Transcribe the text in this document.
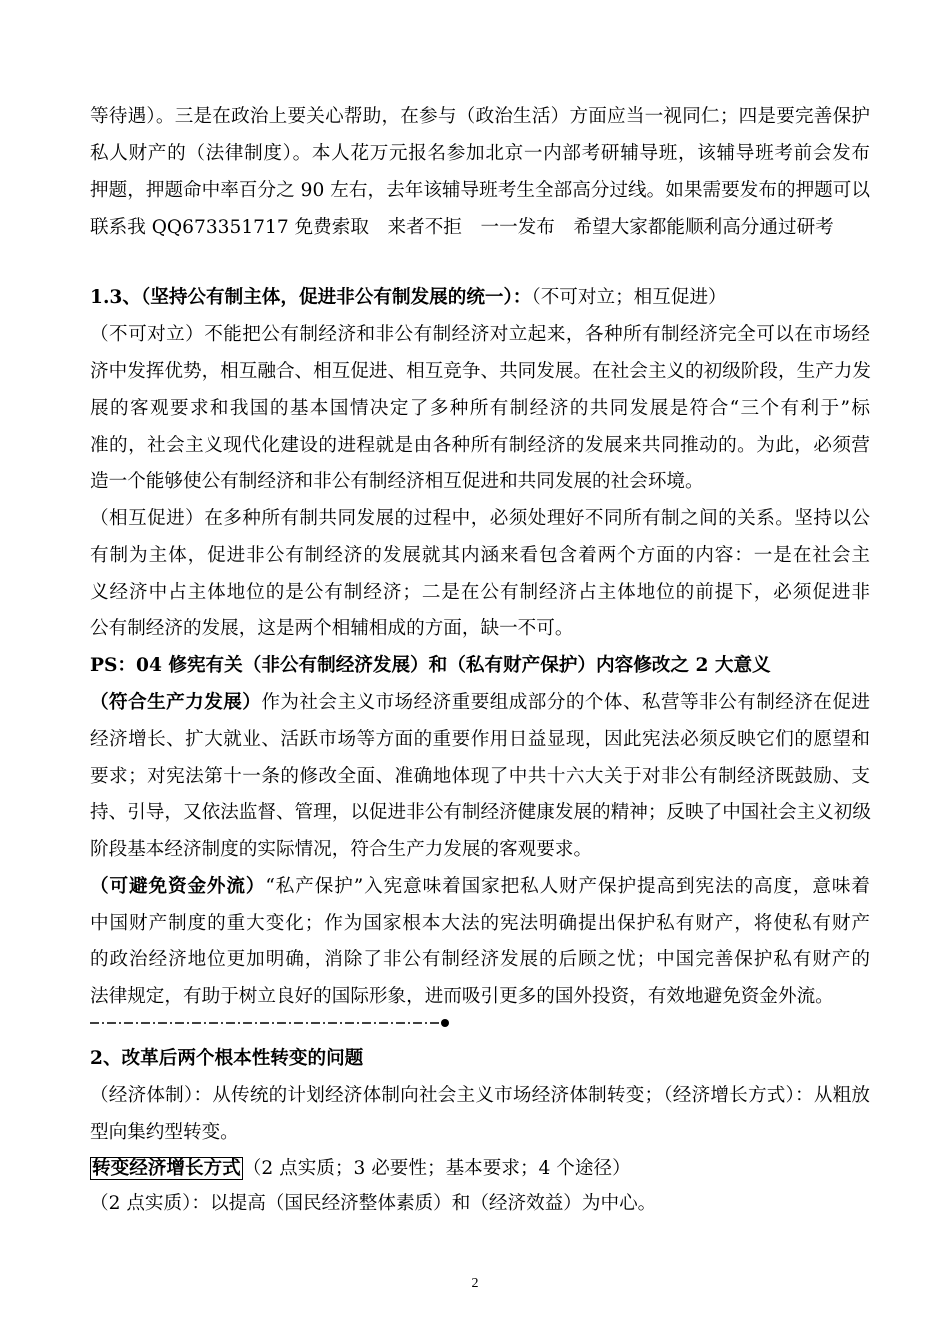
等待遇）。三是在政治上要关心帮助，在参与（政治生活）方面应当一视同仁；四是要完善保护
私人财产的（法律制度）。本人花万元报名参加北京一内部考研辅导班，该辅导班考前会发布
押题，押题命中率百分之 90 左右，去年该辅导班考生全部高分过线。如果需要发布的押题可以
联系我 QQ673351717 免费索取　来者不拒　一一发布　希望大家都能顺利高分通过研考
1.3、（坚持公有制主体，促进非公有制发展的统一）：（不可对立；相互促进）
（不可对立）不能把公有制经济和非公有制经济对立起来，各种所有制经济完全可以在市场经
济中发挥优势，相互融合、相互促进、相互竞争、共同发展。在社会主义的初级阶段，生产力发
展的客观要求和我国的基本国情决定了多种所有制经济的共同发展是符合“三个有利于”标
准的，社会主义现代化建设的进程就是由各种所有制经济的发展来共同推动的。为此，必须营
造一个能够使公有制经济和非公有制经济相互促进和共同发展的社会环境。
（相互促进）在多种所有制共同发展的过程中，必须处理好不同所有制之间的关系。坚持以公
有制为主体，促进非公有制经济的发展就其内涵来看包含着两个方面的内容：一是在社会主
义经济中占主体地位的是公有制经济；二是在公有制经济占主体地位的前提下，必须促进非
公有制经济的发展，这是两个相辅相成的方面，缺一不可。
PS：04 修宪有关（非公有制经济发展）和（私有财产保护）内容修改之 2 大意义
（符合生产力发展）作为社会主义市场经济重要组成部分的个体、私营等非公有制经济在促进
经济增长、扩大就业、活跃市场等方面的重要作用日益显现，因此宪法必须反映它们的愿望和
要求；对宪法第十一条的修改全面、准确地体现了中共十六大关于对非公有制经济既鼓励、支
持、引导，又依法监督、管理，以促进非公有制经济健康发展的精神；反映了中国社会主义初级
阶段基本经济制度的实际情况，符合生产力发展的客观要求。
（可避免资金外流）“私产保护”入宪意味着国家把私人财产保护提高到宪法的高度，意味着
中国财产制度的重大变化；作为国家根本大法的宪法明确提出保护私有财产，将使私有财产
的政治经济地位更加明确，消除了非公有制经济发展的后顾之忧；中国完善保护私有财产的
法律规定，有助于树立良好的国际形象，进而吸引更多的国外投资，有效地避免资金外流。
2、改革后两个根本性转变的问题
（经济体制）：从传统的计划经济体制向社会主义市场经济体制转变；（经济增长方式）：从粗放
型向集约型转变。
转变经济增长方式 （2 点实质；3 必要性；基本要求；4 个途径）
（2 点实质）：以提高（国民经济整体素质）和（经济效益）为中心。
2
